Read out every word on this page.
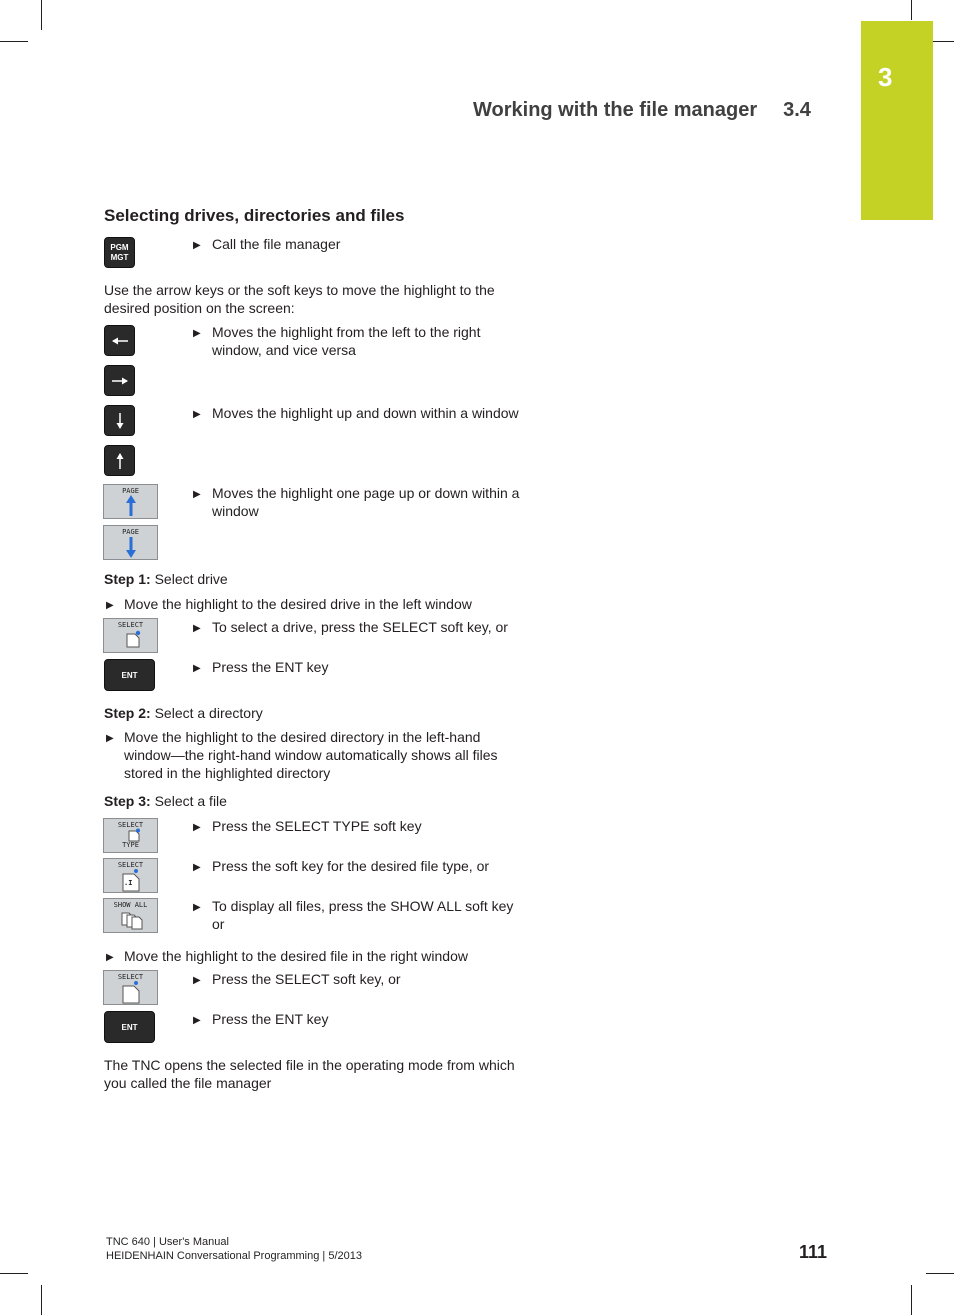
3
Working with the file manager 3.4
Selecting drives, directories and files
PGM
MGT
▶ Call the file manager
Use the arrow keys or the soft keys to move the highlight to the
desired position on the screen:
▶ Moves the highlight from the left to the right
window, and vice versa
▶ Moves the highlight up and down within a window
PAGE
PAGE
▶ Moves the highlight one page up or down within a
window
Step 1: Select drive
▶ Move the highlight to the desired drive in the left window
SELECT	▶ To select a drive, press the SELECT soft key, or
ENT
▶ Press the ENT key
Step 2: Select a directory
▶ Move the highlight to the desired directory in the left-hand
window—the right-hand window automatically shows all files
stored in the highlighted directory
Step 3: Select a file
SELECT
TYPE
▶ Press the SELECT TYPE soft key
SELECT
.I
▶ Press the soft key for the desired file type, or
SHOW ALL	▶ To display all files, press the SHOW ALL soft key
or
▶ Move the highlight to the desired file in the right window
SELECT	▶ Press the SELECT soft key, or
ENT
▶ Press the ENT key
The TNC opens the selected file in the operating mode from which
you called the file manager
TNC 640 | User's Manual
HEIDENHAIN Conversational Programming | 5/2013	111
